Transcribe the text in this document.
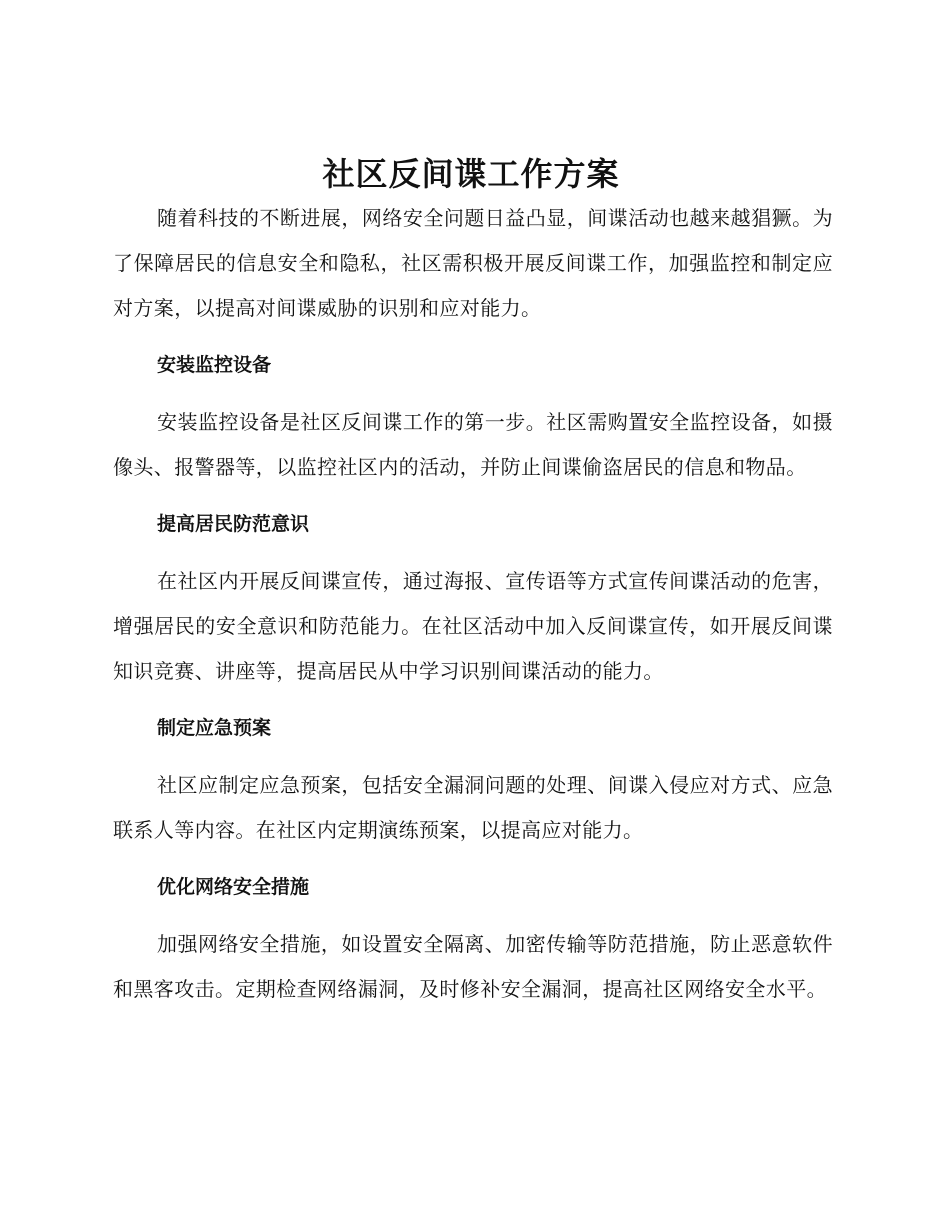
社区反间谍工作方案

随着科技的不断进展，网络安全问题日益凸显，间谍活动也越来越猖獗。为了保障居民的信息安全和隐私，社区需积极开展反间谍工作，加强监控和制定应对方案，以提高对间谍威胁的识别和应对能力。

安装监控设备

安装监控设备是社区反间谍工作的第一步。社区需购置安全监控设备，如摄像头、报警器等，以监控社区内的活动，并防止间谍偷盗居民的信息和物品。

提高居民防范意识

在社区内开展反间谍宣传，通过海报、宣传语等方式宣传间谍活动的危害，增强居民的安全意识和防范能力。在社区活动中加入反间谍宣传，如开展反间谍知识竞赛、讲座等，提高居民从中学习识别间谍活动的能力。

制定应急预案

社区应制定应急预案，包括安全漏洞问题的处理、间谍入侵应对方式、应急联系人等内容。在社区内定期演练预案，以提高应对能力。

优化网络安全措施

加强网络安全措施，如设置安全隔离、加密传输等防范措施，防止恶意软件和黑客攻击。定期检查网络漏洞，及时修补安全漏洞，提高社区网络安全水平。
